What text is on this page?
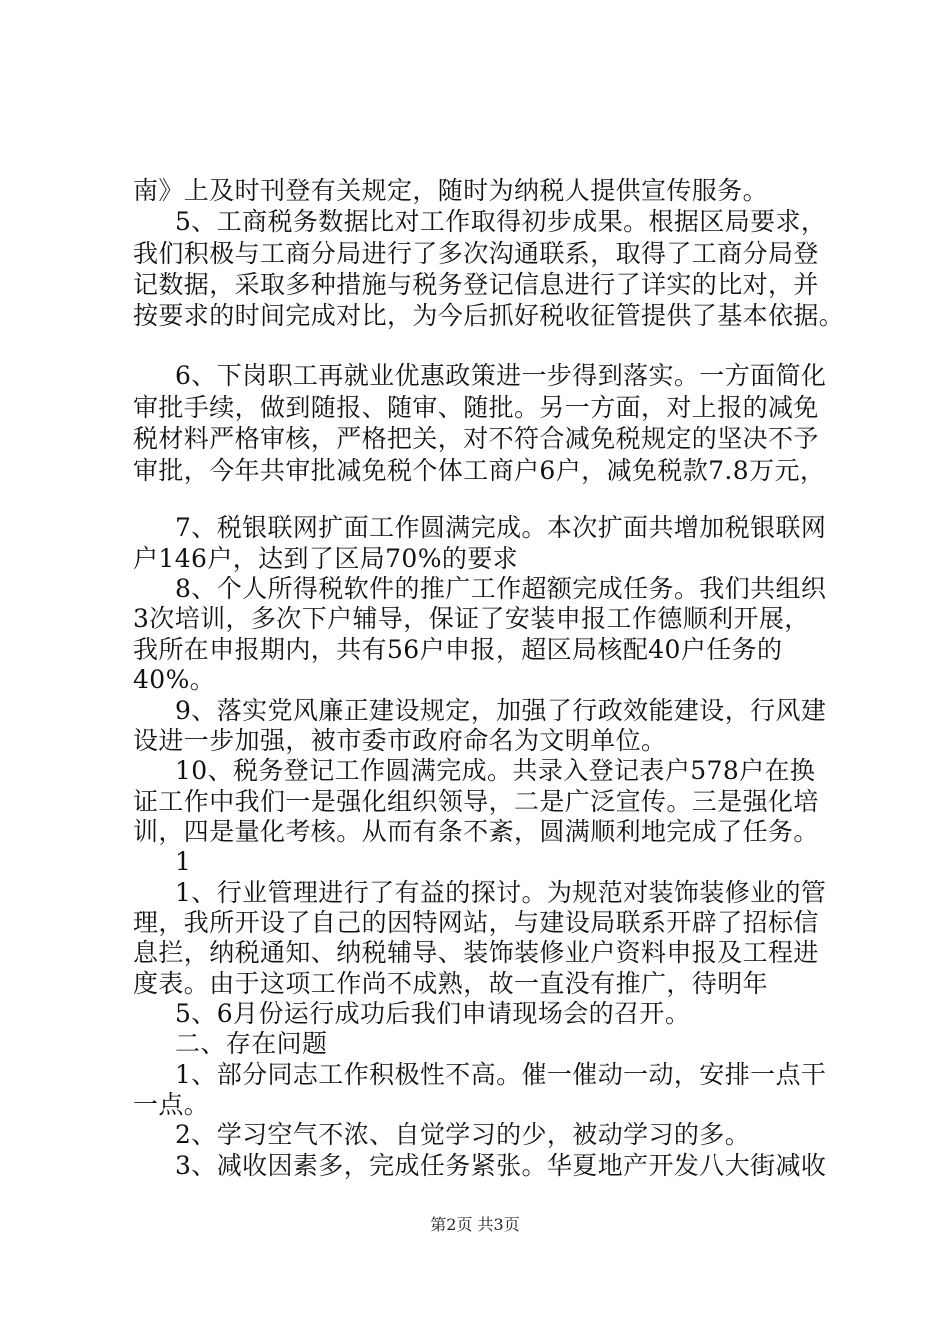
南》上及时刊登有关规定，随时为纳税人提供宣传服务。
5、工商税务数据比对工作取得初步成果。根据区局要求，
我们积极与工商分局进行了多次沟通联系，取得了工商分局登
记数据，采取多种措施与税务登记信息进行了详实的比对，并
按要求的时间完成对比，为今后抓好税收征管提供了基本依据。
6、下岗职工再就业优惠政策进一步得到落实。一方面简化
审批手续，做到随报、随审、随批。另一方面，对上报的减免
税材料严格审核，严格把关，对不符合减免税规定的坚决不予
审批，今年共审批减免税个体工商户6户，减免税款7.8万元，
7、税银联网扩面工作圆满完成。本次扩面共增加税银联网
户146户，达到了区局70%的要求
8、个人所得税软件的推广工作超额完成任务。我们共组织
3次培训，多次下户辅导，保证了安装申报工作德顺利开展，
我所在申报期内，共有56户申报，超区局核配40户任务的
40%。
9、落实党风廉正建设规定，加强了行政效能建设，行风建
设进一步加强，被市委市政府命名为文明单位。
10、税务登记工作圆满完成。共录入登记表户578户在换
证工作中我们一是强化组织领导，二是广泛宣传。三是强化培
训，四是量化考核。从而有条不紊，圆满顺利地完成了任务。
1
1、行业管理进行了有益的探讨。为规范对装饰装修业的管
理，我所开设了自己的因特网站，与建设局联系开辟了招标信
息拦，纳税通知、纳税辅导、装饰装修业户资料申报及工程进
度表。由于这项工作尚不成熟，故一直没有推广，待明年
5、6月份运行成功后我们申请现场会的召开。
二、存在问题
1、部分同志工作积极性不高。催一催动一动，安排一点干
一点。
2、学习空气不浓、自觉学习的少，被动学习的多。
3、减收因素多，完成任务紧张。华夏地产开发八大街减收
第2页 共3页
